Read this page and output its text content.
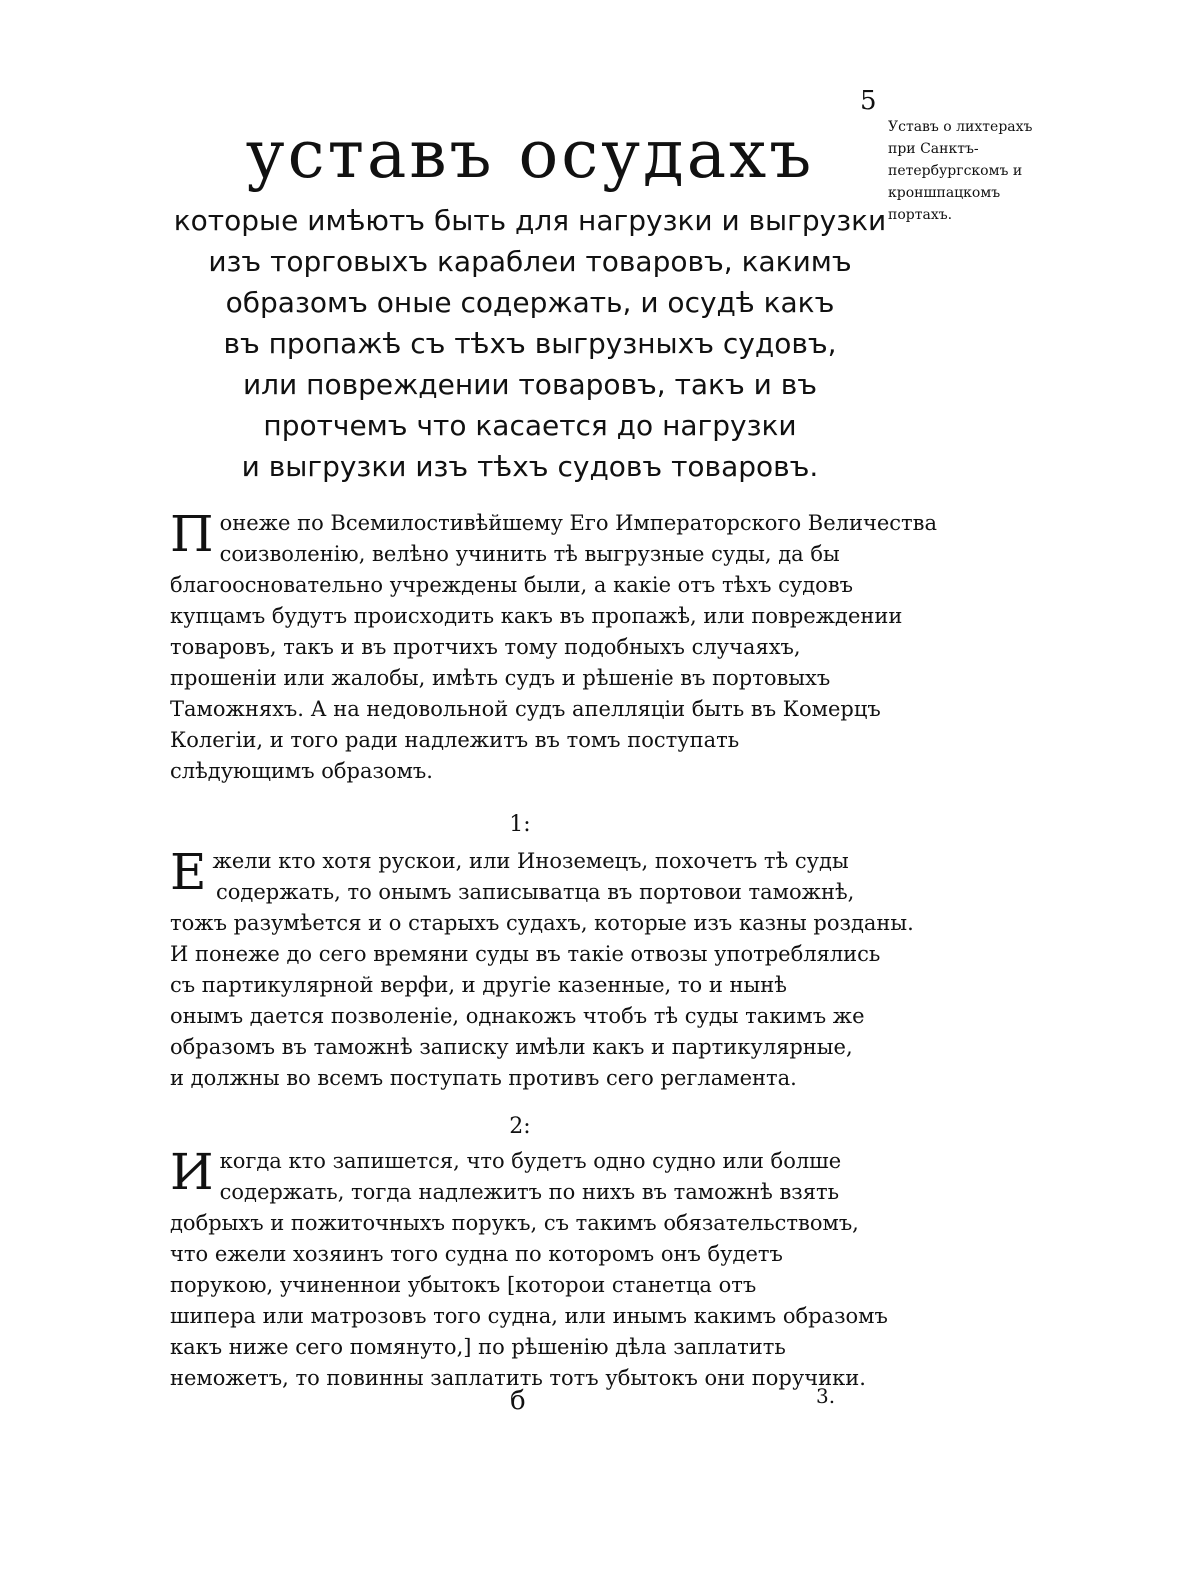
5
Уставъ о лихтерахъ при Санктъ-петербургскомъ и кроншпацкомъ портахъ.
уставъ осудахъ
которые имѣютъ быть для нагрузки и выгрузки
изъ торговыхъ караблеи товаровъ, какимъ
образомъ оные содержать, и осудѣ какъ
въ пропажѣ съ тѣхъ выгрузныхъ судовъ,
или повреждении товаровъ, такъ и въ
протчемъ что касается до нагрузки
и выгрузки изъ тѣхъ судовъ товаровъ.
П онеже по Всемилостивѣйшему Его Императорского Величества
соизволенію, велѣно учинить тѣ выгрузные суды, да бы
благоосновательно учреждены были, а какіе отъ тѣхъ судовъ
купцамъ будутъ происходить какъ въ пропажѣ, или повреждении
товаровъ, такъ и въ протчихъ тому подобныхъ случаяхъ,
прошеніи или жалобы, имѣть судъ и рѣшеніе въ портовыхъ
Таможняхъ. А на недовольной судъ апелляціи быть въ Комерцъ
Колегіи, и того ради надлежитъ въ томъ поступать
слѣдующимъ образомъ.
1:
Е жели кто хотя рускои, или Иноземецъ, похочетъ тѣ суды
содержать, то онымъ записыватца въ портовои таможнѣ,
тожъ разумѣется и о старыхъ судахъ, которые изъ казны розданы.
И понеже до сего времяни суды въ такіе отвозы употреблялись
съ партикулярной верфи, и другіе казенные, то и нынѣ
онымъ дается позволеніе, однакожъ чтобъ тѣ суды такимъ же
образомъ въ таможнѣ записку имѣли какъ и партикулярные,
и должны во всемъ поступать противъ сего регламента.
2:
И когда кто запишется, что будетъ одно судно или болше
содержать, тогда надлежитъ по нихъ въ таможнѣ взять
добрыхъ и пожиточныхъ порукъ, съ такимъ обязательствомъ,
что ежели хозяинъ того судна по которомъ онъ будетъ
порукою, учиненнои убытокъ [которои станетца отъ
шипера или матрозовъ того судна, или инымъ какимъ образомъ
какъ ниже сего помянуто,] по рѣшенію дѣла заплатить
неможетъ, то повинны заплатить тотъ убытокъ они поручики.
б	3.
